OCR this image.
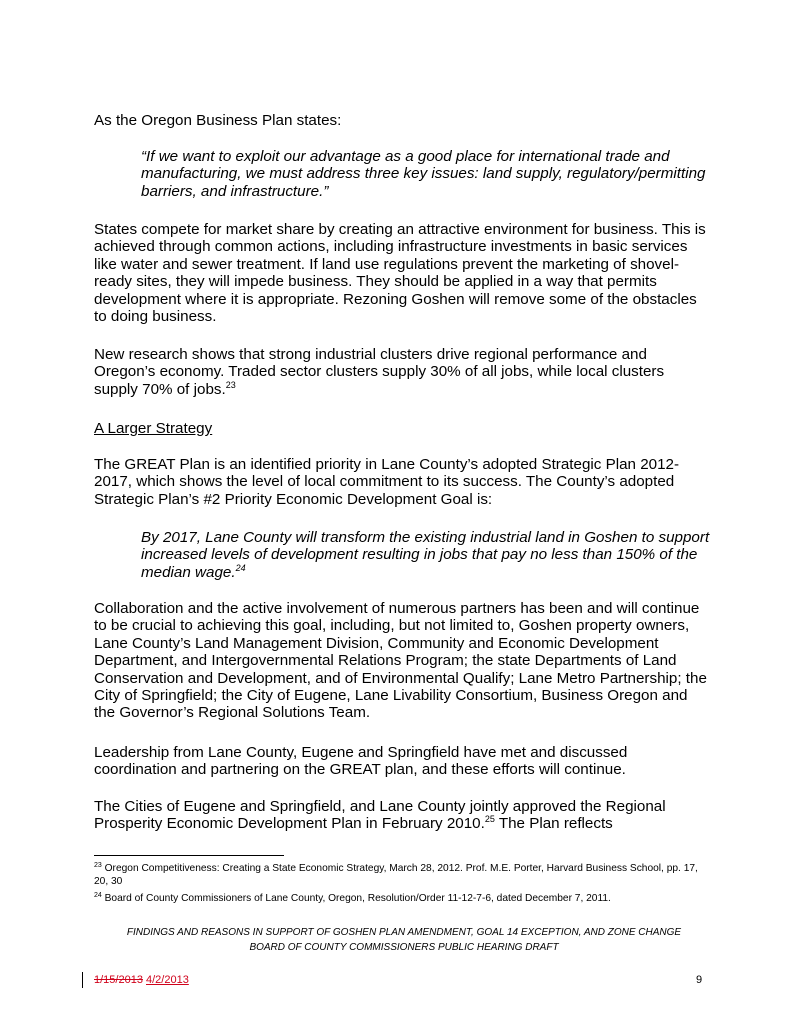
As the Oregon Business Plan states:

“If we want to exploit our advantage as a good place for international trade and manufacturing, we must address three key issues: land supply, regulatory/permitting barriers, and infrastructure.”

States compete for market share by creating an attractive environment for business. This is achieved through common actions, including infrastructure investments in basic services like water and sewer treatment. If land use regulations prevent the marketing of shovel-ready sites, they will impede business. They should be applied in a way that permits development where it is appropriate. Rezoning Goshen will remove some of the obstacles to doing business.

New research shows that strong industrial clusters drive regional performance and Oregon’s economy. Traded sector clusters supply 30% of all jobs, while local clusters supply 70% of jobs.$^{23}$

A Larger Strategy

The GREAT Plan is an identified priority in Lane County’s adopted Strategic Plan 2012-2017, which shows the level of local commitment to its success. The County’s adopted Strategic Plan’s #2 Priority Economic Development Goal is:

By 2017, Lane County will transform the existing industrial land in Goshen to support increased levels of development resulting in jobs that pay no less than 150% of the median wage.$^{24}$

Collaboration and the active involvement of numerous partners has been and will continue to be crucial to achieving this goal, including, but not limited to, Goshen property owners, Lane County’s Land Management Division, Community and Economic Development Department, and Intergovernmental Relations Program; the state Departments of Land Conservation and Development, and of Environmental Qualify; Lane Metro Partnership; the City of Springfield; the City of Eugene, Lane Livability Consortium, Business Oregon and the Governor’s Regional Solutions Team.

Leadership from Lane County, Eugene and Springfield have met and discussed coordination and partnering on the GREAT plan, and these efforts will continue.

The Cities of Eugene and Springfield, and Lane County jointly approved the Regional Prosperity Economic Development Plan in February 2010.25 The Plan reflects

$^{23}$ Oregon Competitiveness: Creating a State Economic Strategy, March 28, 2012. Prof. M.E. Porter, Harvard Business School, pp. 17, 20, 30

$^{24}$ Board of County Commissioners of Lane County, Oregon, Resolution/Order 11-12-7-6, dated December 7, 2011.

FINDINGS AND REASONS IN SUPPORT OF GOSHEN PLAN AMENDMENT, GOAL 14 EXCEPTION, AND ZONE CHANGE

BOARD OF COUNTY COMMISSIONERS PUBLIC HEARING DRAFT

1/15/2013 4/2/2013	9
